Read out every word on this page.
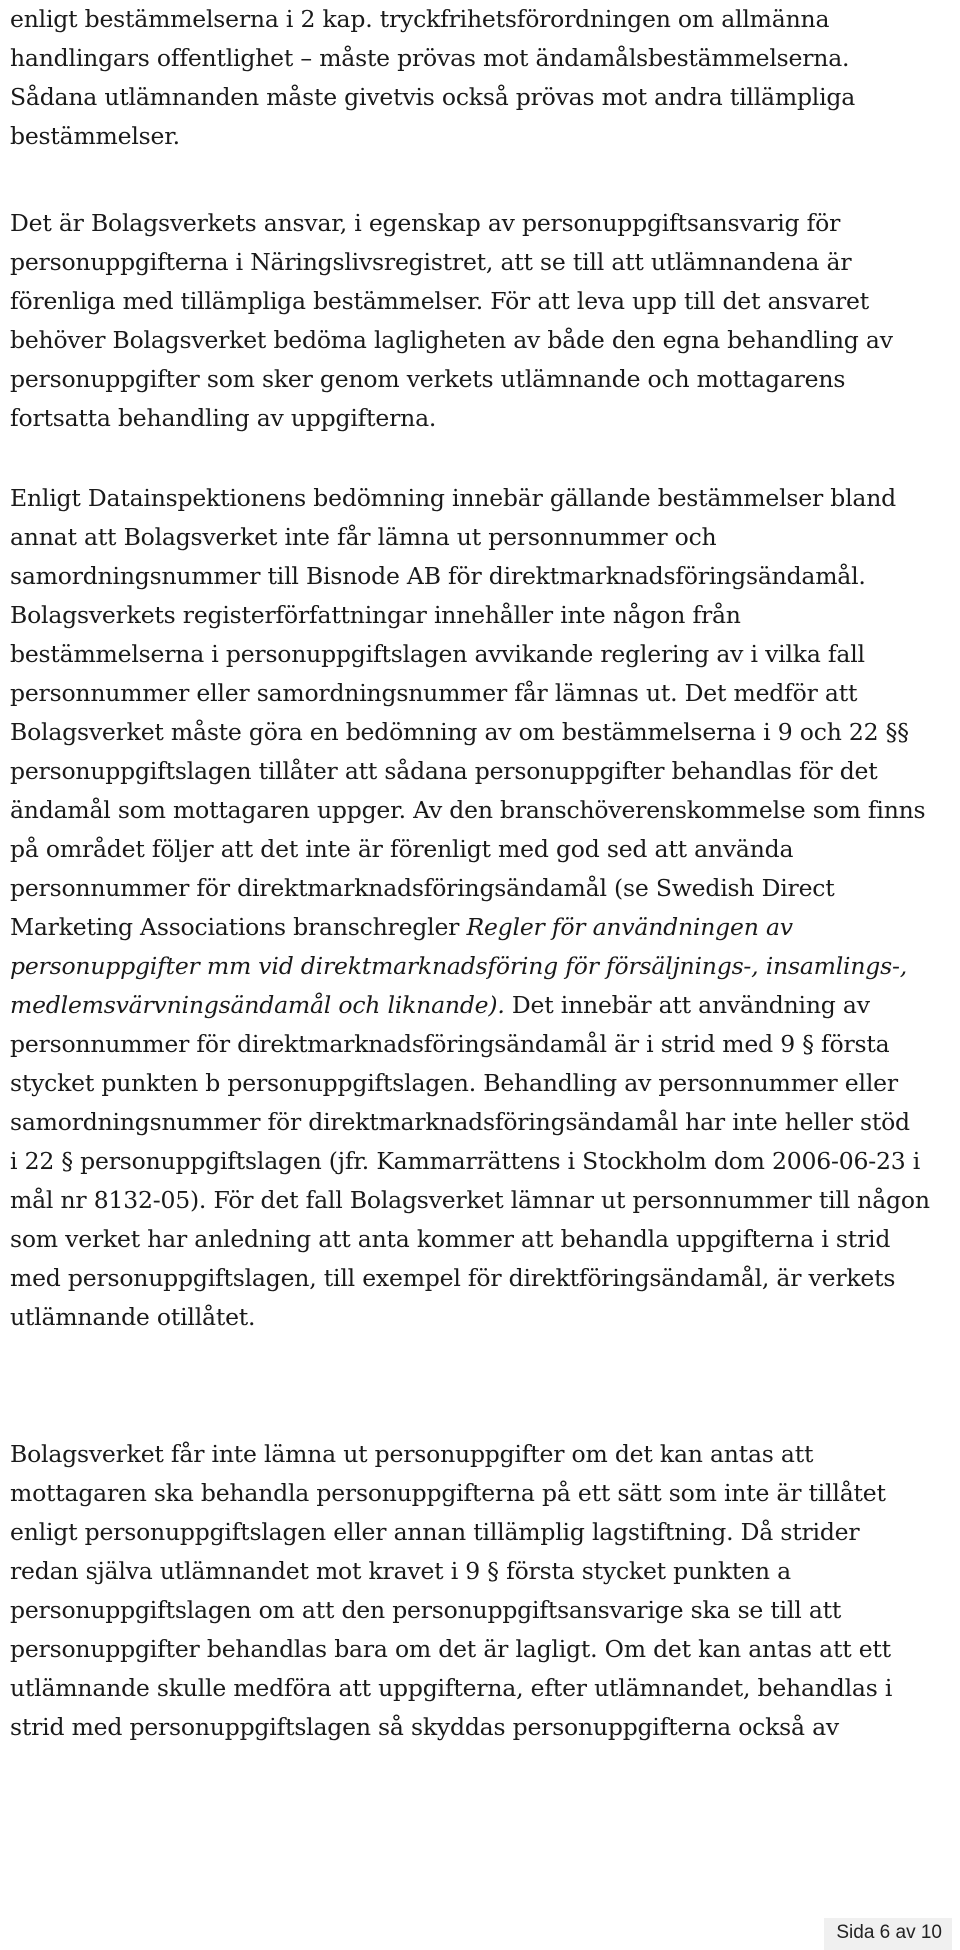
enligt bestämmelserna i 2 kap. tryckfrihetsförordningen om allmänna
handlingars offentlighet – måste prövas mot ändamålsbestämmelserna.
Sådana utlämnanden måste givetvis också prövas mot andra tillämpliga
bestämmelser.

Det är Bolagsverkets ansvar, i egenskap av personuppgiftsansvarig för
personuppgifterna i Näringslivsregistret, att se till att utlämnandena är
förenliga med tillämpliga bestämmelser. För att leva upp till det ansvaret
behöver Bolagsverket bedöma lagligheten av både den egna behandling av
personuppgifter som sker genom verkets utlämnande och mottagarens
fortsatta behandling av uppgifterna.

Enligt Datainspektionens bedömning innebär gällande bestämmelser bland
annat att Bolagsverket inte får lämna ut personnummer och
samordningsnummer till Bisnode AB för direktmarknadsföringsändamål.
Bolagsverkets registerförfattningar innehåller inte någon från
bestämmelserna i personuppgiftslagen avvikande reglering av i vilka fall
personnummer eller samordningsnummer får lämnas ut. Det medför att
Bolagsverket måste göra en bedömning av om bestämmelserna i 9 och 22 §§
personuppgiftslagen tillåter att sådana personuppgifter behandlas för det
ändamål som mottagaren uppger. Av den branschöverenskommelse som finns
på området följer att det inte är förenligt med god sed att använda
personnummer för direktmarknadsföringsändamål (se Swedish Direct
Marketing Associations branschregler Regler för användningen av
personuppgifter mm vid direktmarknadsföring för försäljnings-, insamlings-,
medlemsvärvningsändamål och liknande). Det innebär att användning av
personnummer för direktmarknadsföringsändamål är i strid med 9 § första
stycket punkten b personuppgiftslagen. Behandling av personnummer eller
samordningsnummer för direktmarknadsföringsändamål har inte heller stöd
i 22 § personuppgiftslagen (jfr. Kammarrättens i Stockholm dom 2006-06-23 i
mål nr 8132-05). För det fall Bolagsverket lämnar ut personnummer till någon
som verket har anledning att anta kommer att behandla uppgifterna i strid
med personuppgiftslagen, till exempel för direktföringsändamål, är verkets
utlämnande otillåtet.

Bolagsverket får inte lämna ut personuppgifter om det kan antas att
mottagaren ska behandla personuppgifterna på ett sätt som inte är tillåtet
enligt personuppgiftslagen eller annan tillämplig lagstiftning. Då strider
redan själva utlämnandet mot kravet i 9 § första stycket punkten a
personuppgiftslagen om att den personuppgiftsansvarige ska se till att
personuppgifter behandlas bara om det är lagligt. Om det kan antas att ett
utlämnande skulle medföra att uppgifterna, efter utlämnandet, behandlas i
strid med personuppgiftslagen så skyddas personuppgifterna också av

Sida 6 av 10
